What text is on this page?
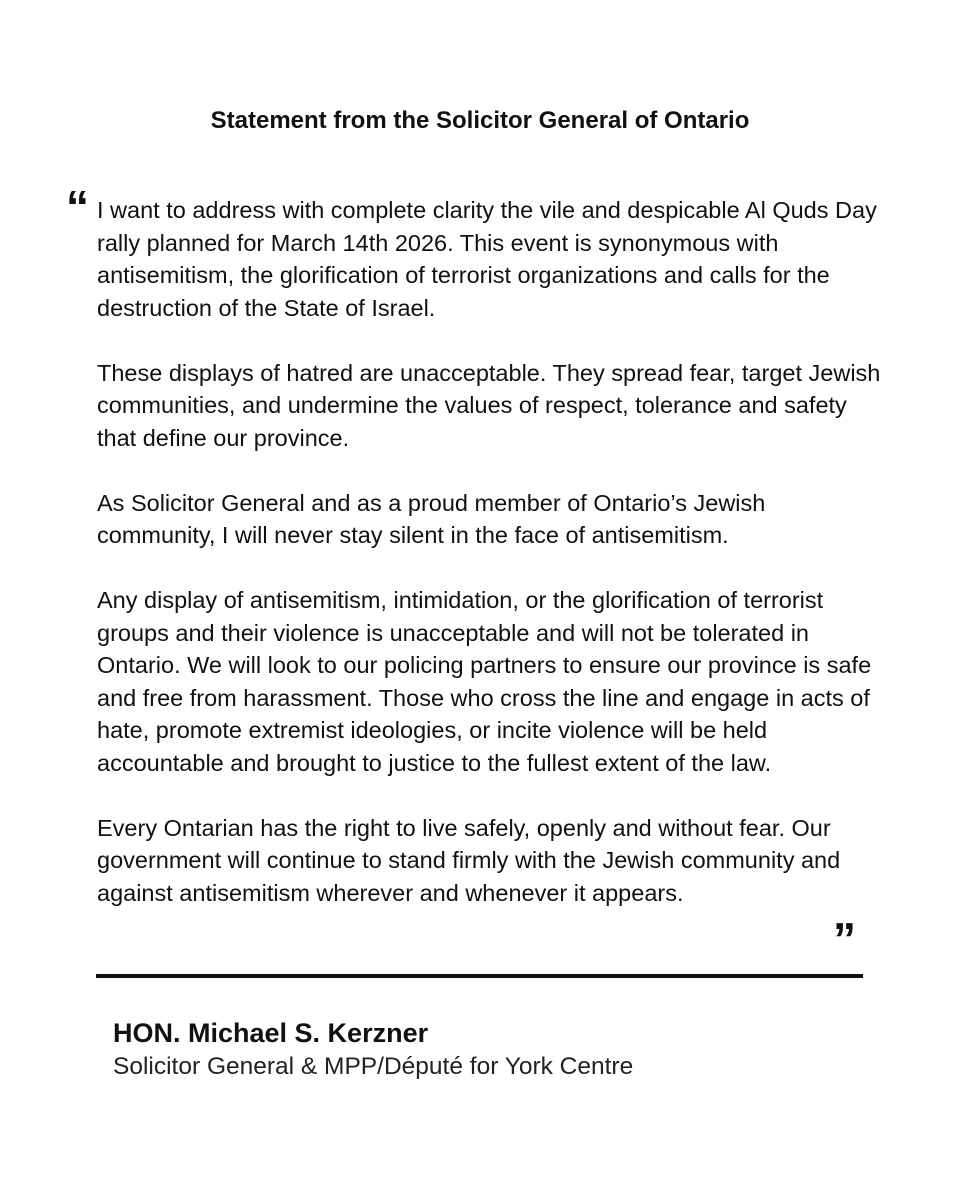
Statement from the Solicitor General of Ontario
“ I want to address with complete clarity the vile and despicable Al Quds Day rally planned for March 14th 2026. This event is synonymous with antisemitism, the glorification of terrorist organizations and calls for the destruction of the State of Israel.

These displays of hatred are unacceptable. They spread fear, target Jewish communities, and undermine the values of respect, tolerance and safety that define our province.

As Solicitor General and as a proud member of Ontario’s Jewish community, I will never stay silent in the face of antisemitism.

Any display of antisemitism, intimidation, or the glorification of terrorist groups and their violence is unacceptable and will not be tolerated in Ontario. We will look to our policing partners to ensure our province is safe and free from harassment. Those who cross the line and engage in acts of hate, promote extremist ideologies, or incite violence will be held accountable and brought to justice to the fullest extent of the law.

Every Ontarian has the right to live safely, openly and without fear. Our government will continue to stand firmly with the Jewish community and against antisemitism wherever and whenever it appears.

”

HON. Michael S. Kerzner

Solicitor General & MPP/Député for York Centre
